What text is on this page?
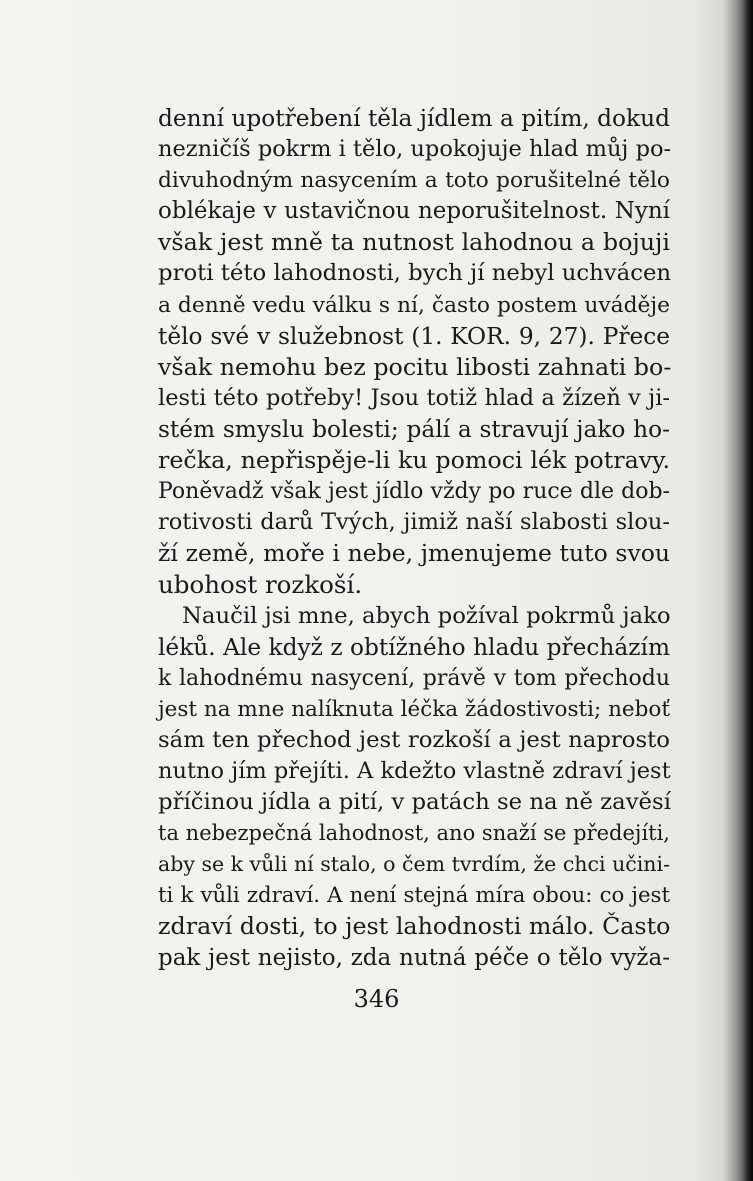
denní upotřebení těla jídlem a pitím, dokud
nezničíš pokrm i tělo, upokojuje hlad můj po-
divuhodným nasycením a toto porušitelné tělo
oblékaje v ustavičnou neporušitelnost. Nyní
však jest mně ta nutnost lahodnou a bojuji
proti této lahodnosti, bych jí nebyl uchvácen
a denně vedu válku s ní, často postem uváděje
tělo své v služebnost (1. KOR. 9, 27). Přece
však nemohu bez pocitu libosti zahnati bo-
lesti této potřeby! Jsou totiž hlad a žízeň v ji-
stém smyslu bolesti; pálí a stravují jako ho-
rečka, nepřispěje-li ku pomoci lék potravy.
Poněvadž však jest jídlo vždy po ruce dle dob-
rotivosti darů Tvých, jimiž naší slabosti slou-
ží země, moře i nebe, jmenujeme tuto svou
ubohost rozkoší.
Naučil jsi mne, abych požíval pokrmů jako
léků. Ale když z obtížného hladu přecházím
k lahodnému nasycení, právě v tom přechodu
jest na mne nalíknuta léčka žádostivosti; neboť
sám ten přechod jest rozkoší a jest naprosto
nutno jím přejíti. A kdežto vlastně zdraví jest
příčinou jídla a pití, v patách se na ně zavěsí
ta nebezpečná lahodnost, ano snaží se předejíti,
aby se k vůli ní stalo, o čem tvrdím, že chci učini-
ti k vůli zdraví. A není stejná míra obou: co jest
zdraví dosti, to jest lahodnosti málo. Často
pak jest nejisto, zda nutná péče o tělo vyža-
346
